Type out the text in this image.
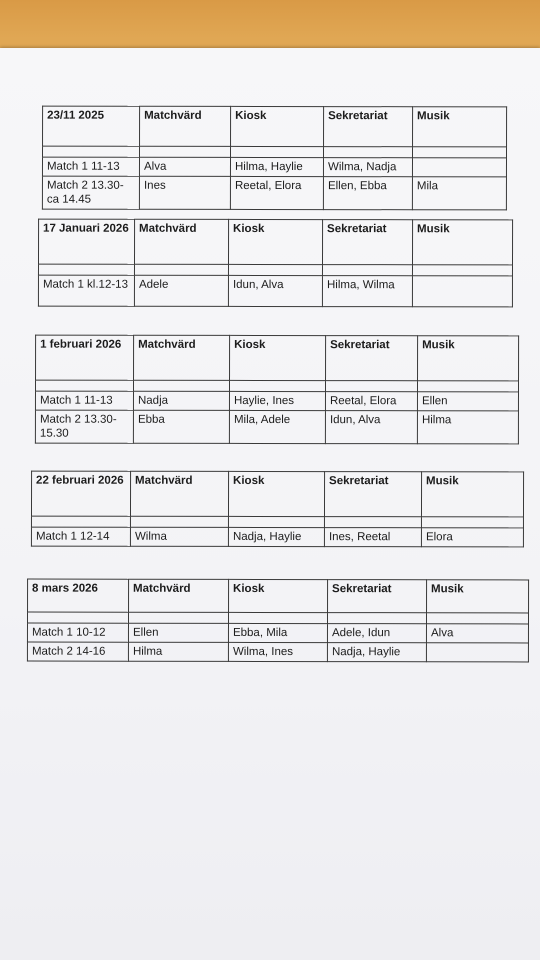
23/11 2025	Matchvärd	Kiosk	Sekretariat	Musik

Match 1 11-13	Alva	Hilma, Haylie	Wilma, Nadja	
Match 2 13.30-ca 14.45	Ines	Reetal, Elora	Ellen, Ebba	Mila
17 Januari 2026	Matchvärd	Kiosk	Sekretariat	Musik

Match 1 kl.12-13	Adele	Idun, Alva	Hilma, Wilma	
1 februari 2026	Matchvärd	Kiosk	Sekretariat	Musik

Match 1 11-13	Nadja	Haylie, Ines	Reetal, Elora	Ellen
Match 2 13.30-15.30	Ebba	Mila, Adele	Idun, Alva	Hilma
22 februari 2026	Matchvärd	Kiosk	Sekretariat	Musik

Match 1 12-14	Wilma	Nadja, Haylie	Ines, Reetal	Elora
8 mars 2026	Matchvärd	Kiosk	Sekretariat	Musik

Match 1 10-12	Ellen	Ebba, Mila	Adele, Idun	Alva
Match 2 14-16	Hilma	Wilma, Ines	Nadja, Haylie	
